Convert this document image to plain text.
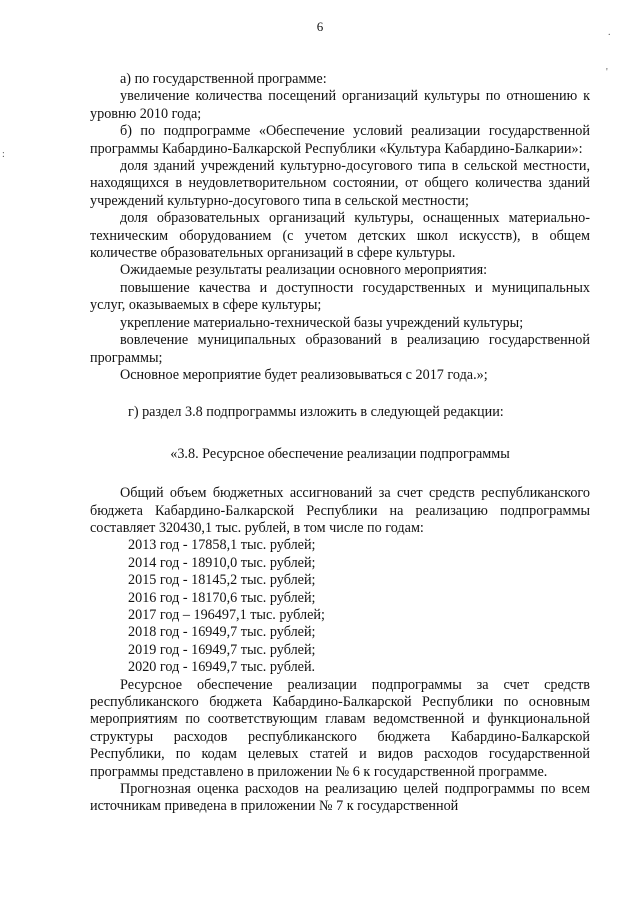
6	.
'
:

а) по государственной программе:

увеличение количества посещений организаций культуры по отношению к уровню 2010 года;

б) по подпрограмме «Обеспечение условий реализации государственной программы Кабардино-Балкарской Республики «Культура Кабардино-Балкарии»:

доля зданий учреждений культурно-досугового типа в сельской местности, находящихся в неудовлетворительном состоянии, от общего количества зданий учреждений культурно-досугового типа в сельской местности;

доля образовательных организаций культуры, оснащенных материально-техническим оборудованием (с учетом детских школ искусств), в общем количестве образовательных организаций в сфере культуры.

Ожидаемые результаты реализации основного мероприятия:

повышение качества и доступности государственных и муниципальных услуг, оказываемых в сфере культуры;

укрепление материально-технической базы учреждений культуры;

вовлечение муниципальных образований в реализацию государственной программы;

Основное мероприятие будет реализовываться с 2017 года.»;

г) раздел 3.8 подпрограммы изложить в следующей редакции:

«3.8. Ресурсное обеспечение реализации подпрограммы

Общий объем бюджетных ассигнований за счет средств республиканского бюджета Кабардино-Балкарской Республики на реализацию подпрограммы составляет 320430,1 тыс. рублей, в том числе по годам:

2013 год - 17858,1 тыс. рублей;
2014 год - 18910,0 тыс. рублей;
2015 год - 18145,2 тыс. рублей;
2016 год - 18170,6 тыс. рублей;
2017 год – 196497,1 тыс. рублей;
2018 год - 16949,7 тыс. рублей;
2019 год - 16949,7 тыс. рублей;
2020 год - 16949,7 тыс. рублей.

Ресурсное обеспечение реализации подпрограммы за счет средств республиканского бюджета Кабардино-Балкарской Республики по основным мероприятиям по соответствующим главам ведомственной и функциональной структуры расходов республиканского бюджета Кабардино-Балкарской Республики, по кодам целевых статей и видов расходов государственной программы представлено в приложении № 6 к государственной программе.

Прогнозная оценка расходов на реализацию целей подпрограммы по всем источникам приведена в приложении № 7 к государственной
